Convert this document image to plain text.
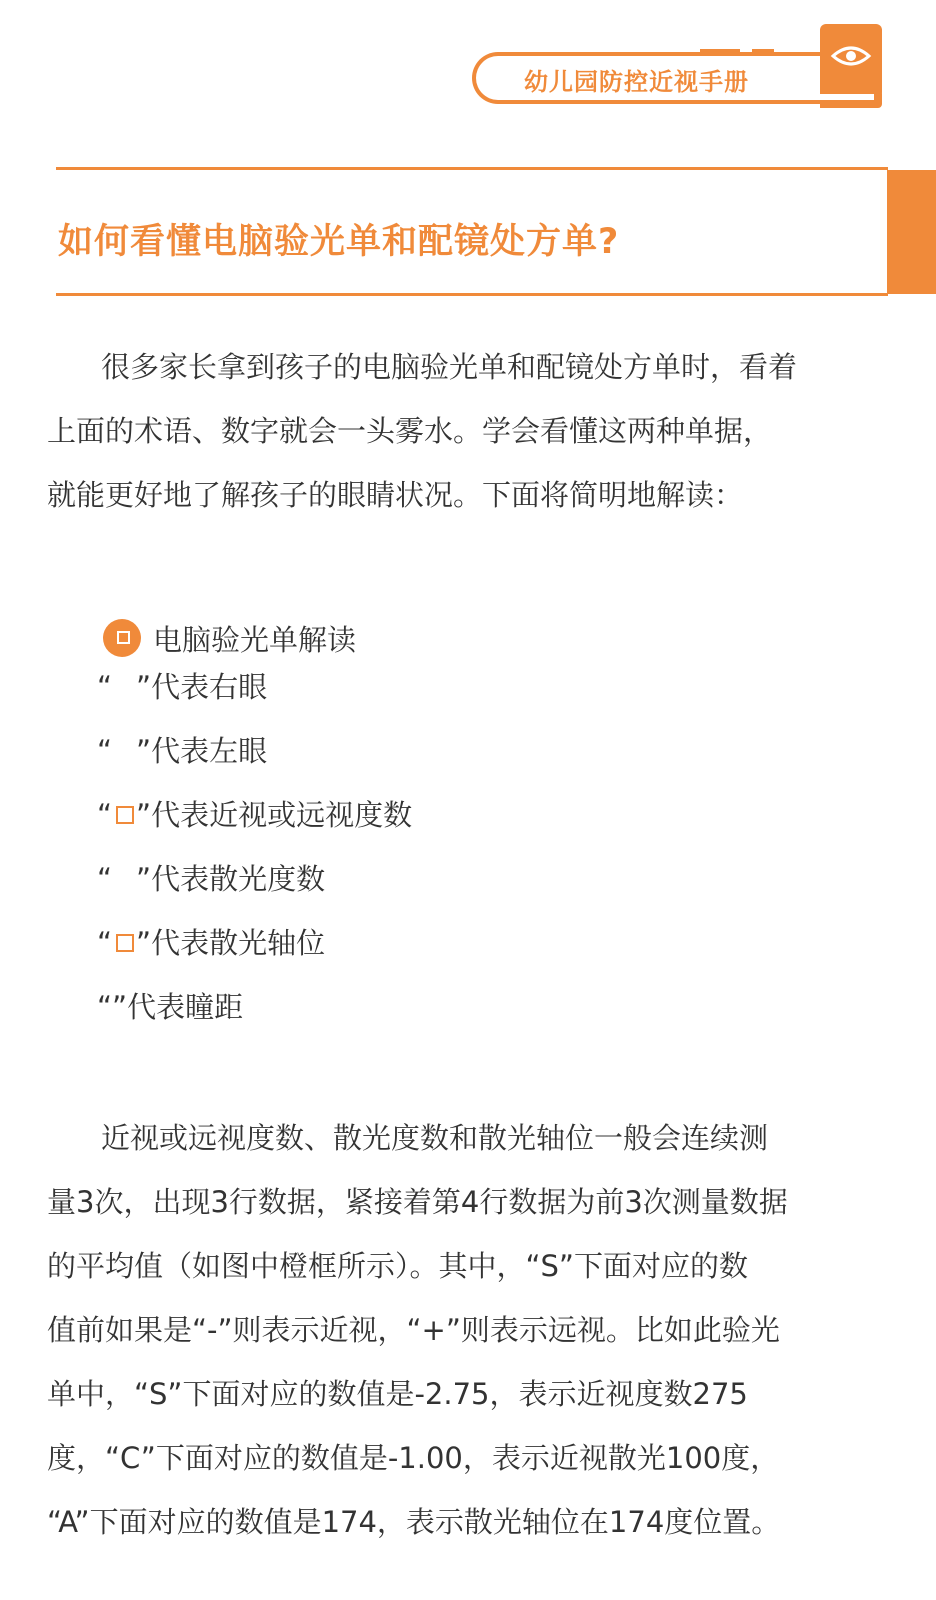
幼儿园防控近视手册
如何看懂电脑验光单和配镜处方单?
很多家长拿到孩子的电脑验光单和配镜处方单时，看着
上面的术语、数字就会一头雾水。学会看懂这两种单据，
就能更好地了解孩子的眼睛状况。下面将简明地解读：
电脑验光单解读
“ ”代表右眼
“ ”代表左眼
“ ”代表近视或远视度数
“ ”代表散光度数
“ ”代表散光轴位
“”代表瞳距
近视或远视度数、散光度数和散光轴位一般会连续测
量3次，出现3行数据，紧接着第4行数据为前3次测量数据
的平均值（如图中橙框所示）。其中，“S”下面对应的数
值前如果是“-”则表示近视，“+”则表示远视。比如此验光
单中，“S”下面对应的数值是-2.75，表示近视度数275
度，“C”下面对应的数值是-1.00，表示近视散光100度，
“A”下面对应的数值是174，表示散光轴位在174度位置。
